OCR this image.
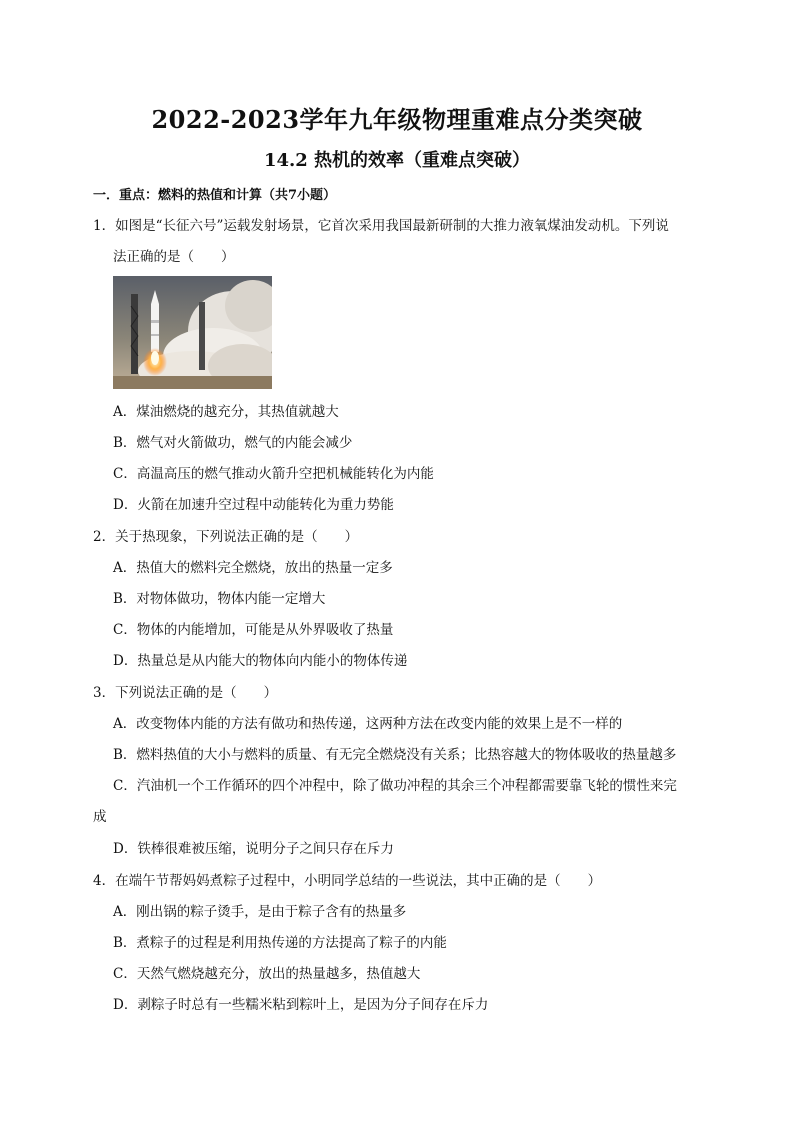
2022-2023学年九年级物理重难点分类突破
14.2 热机的效率（重难点突破）
一．重点：燃料的热值和计算（共7小题）
1．如图是“长征六号”运载发射场景，它首次采用我国最新研制的大推力液氧煤油发动机。下列说
法正确的是（　　）
A．煤油燃烧的越充分，其热值就越大
B．燃气对火箭做功，燃气的内能会减少
C．高温高压的燃气推动火箭升空把机械能转化为内能
D．火箭在加速升空过程中动能转化为重力势能
2．关于热现象，下列说法正确的是（　　）
A．热值大的燃料完全燃烧，放出的热量一定多
B．对物体做功，物体内能一定增大
C．物体的内能增加，可能是从外界吸收了热量
D．热量总是从内能大的物体向内能小的物体传递
3．下列说法正确的是（　　）
A．改变物体内能的方法有做功和热传递，这两种方法在改变内能的效果上是不一样的
B．燃料热值的大小与燃料的质量、有无完全燃烧没有关系；比热容越大的物体吸收的热量越多
C．汽油机一个工作循环的四个冲程中，除了做功冲程的其余三个冲程都需要靠飞轮的惯性来完
成
D．铁棒很难被压缩，说明分子之间只存在斥力
4．在端午节帮妈妈煮粽子过程中，小明同学总结的一些说法，其中正确的是（　　）
A．刚出锅的粽子烫手，是由于粽子含有的热量多
B．煮粽子的过程是利用热传递的方法提高了粽子的内能
C．天然气燃烧越充分，放出的热量越多，热值越大
D．剥粽子时总有一些糯米粘到粽叶上，是因为分子间存在斥力
